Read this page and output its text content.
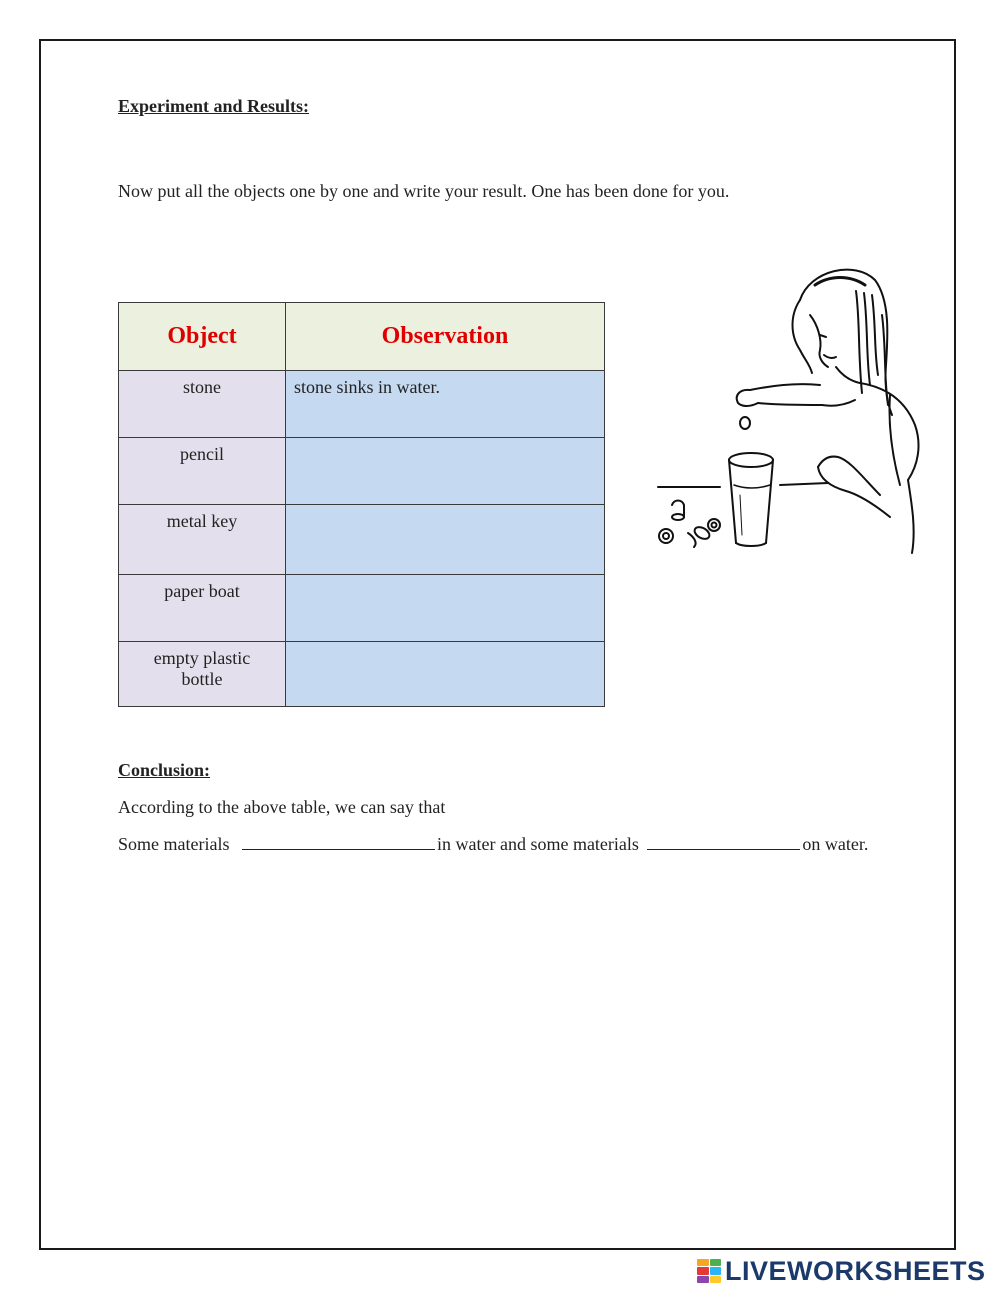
Experiment and Results:

Now put all the objects one by one and write your result. One has been done for you.

Object	Observation
stone	stone sinks in water.
pencil	
metal key	
paper boat	
empty plastic bottle	

Conclusion:

According to the above table, we can say that

Some materials	in water and some materials	on water.

LIVEWORKSHEETS
